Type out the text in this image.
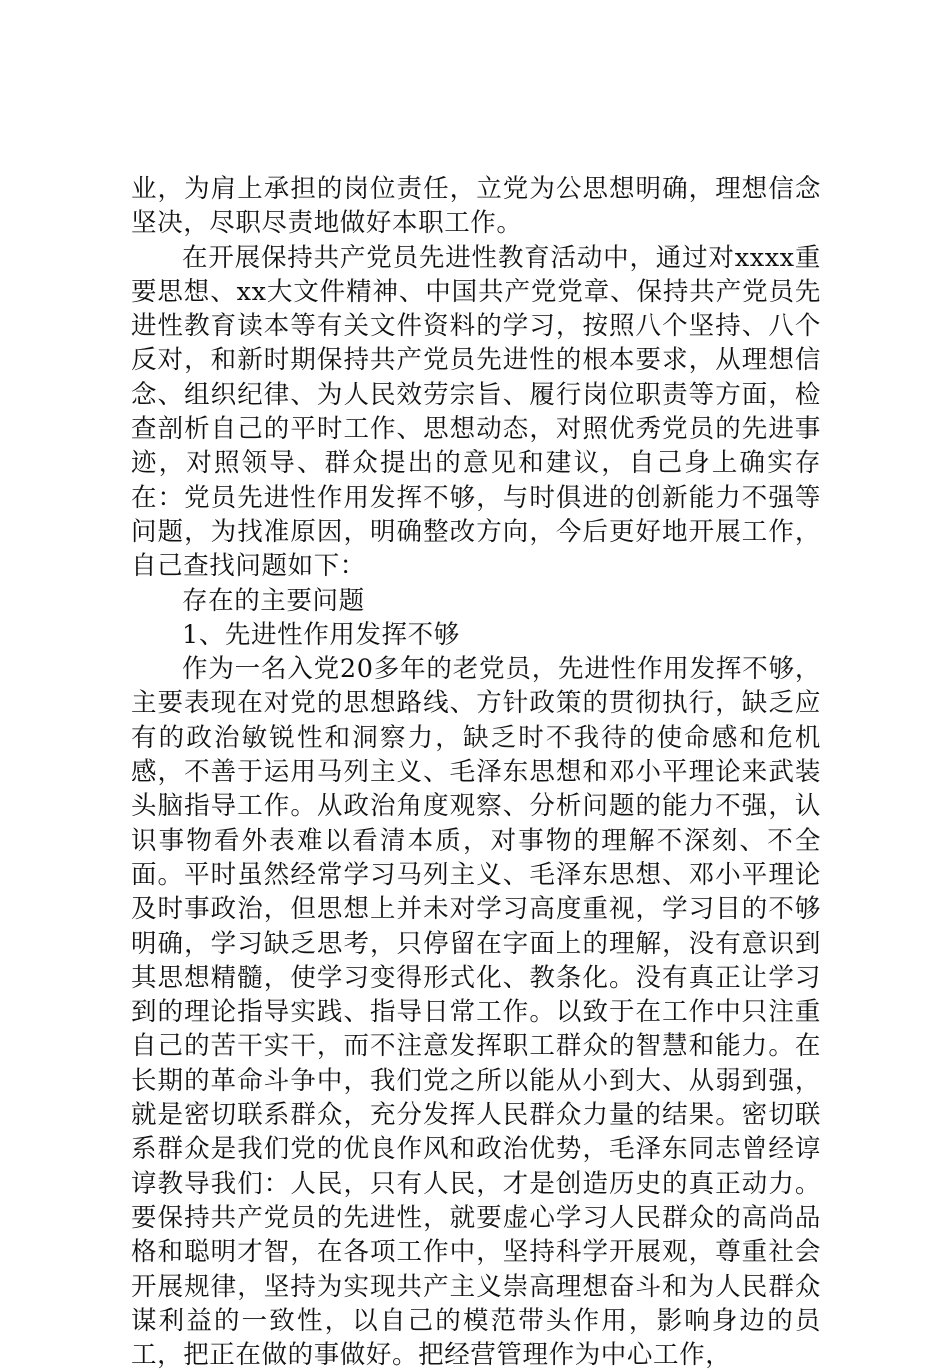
业，为肩上承担的岗位责任，立党为公思想明确，理想信念坚决，尽职尽责地做好本职工作。

在开展保持共产党员先进性教育活动中，通过对xxxx重要思想、xx大文件精神、中国共产党党章、保持共产党员先进性教育读本等有关文件资料的学习，按照八个坚持、八个反对，和新时期保持共产党员先进性的根本要求，从理想信念、组织纪律、为人民效劳宗旨、履行岗位职责等方面，检查剖析自己的平时工作、思想动态，对照优秀党员的先进事迹，对照领导、群众提出的意见和建议，自己身上确实存在：党员先进性作用发挥不够，与时俱进的创新能力不强等问题，为找准原因，明确整改方向，今后更好地开展工作，自己查找问题如下：

存在的主要问题

1、先进性作用发挥不够

作为一名入党20多年的老党员，先进性作用发挥不够，主要表现在对党的思想路线、方针政策的贯彻执行，缺乏应有的政治敏锐性和洞察力，缺乏时不我待的使命感和危机感，不善于运用马列主义、毛泽东思想和邓小平理论来武装头脑指导工作。从政治角度观察、分析问题的能力不强，认识事物看外表难以看清本质，对事物的理解不深刻、不全面。平时虽然经常学习马列主义、毛泽东思想、邓小平理论及时事政治，但思想上并未对学习高度重视，学习目的不够明确，学习缺乏思考，只停留在字面上的理解，没有意识到其思想精髓，使学习变得形式化、教条化。没有真正让学习到的理论指导实践、指导日常工作。以致于在工作中只注重自己的苦干实干，而不注意发挥职工群众的智慧和能力。在长期的革命斗争中，我们党之所以能从小到大、从弱到强，就是密切联系群众，充分发挥人民群众力量的结果。密切联系群众是我们党的优良作风和政治优势，毛泽东同志曾经谆谆教导我们：人民，只有人民，才是创造历史的真正动力。要保持共产党员的先进性，就要虚心学习人民群众的高尚品格和聪明才智，在各项工作中，坚持科学开展观，尊重社会开展规律，坚持为实现共产主义崇高理想奋斗和为人民群众谋利益的一致性，以自己的模范带头作用，影响身边的员工，把正在做的事做好。把经营管理作为中心工作，
